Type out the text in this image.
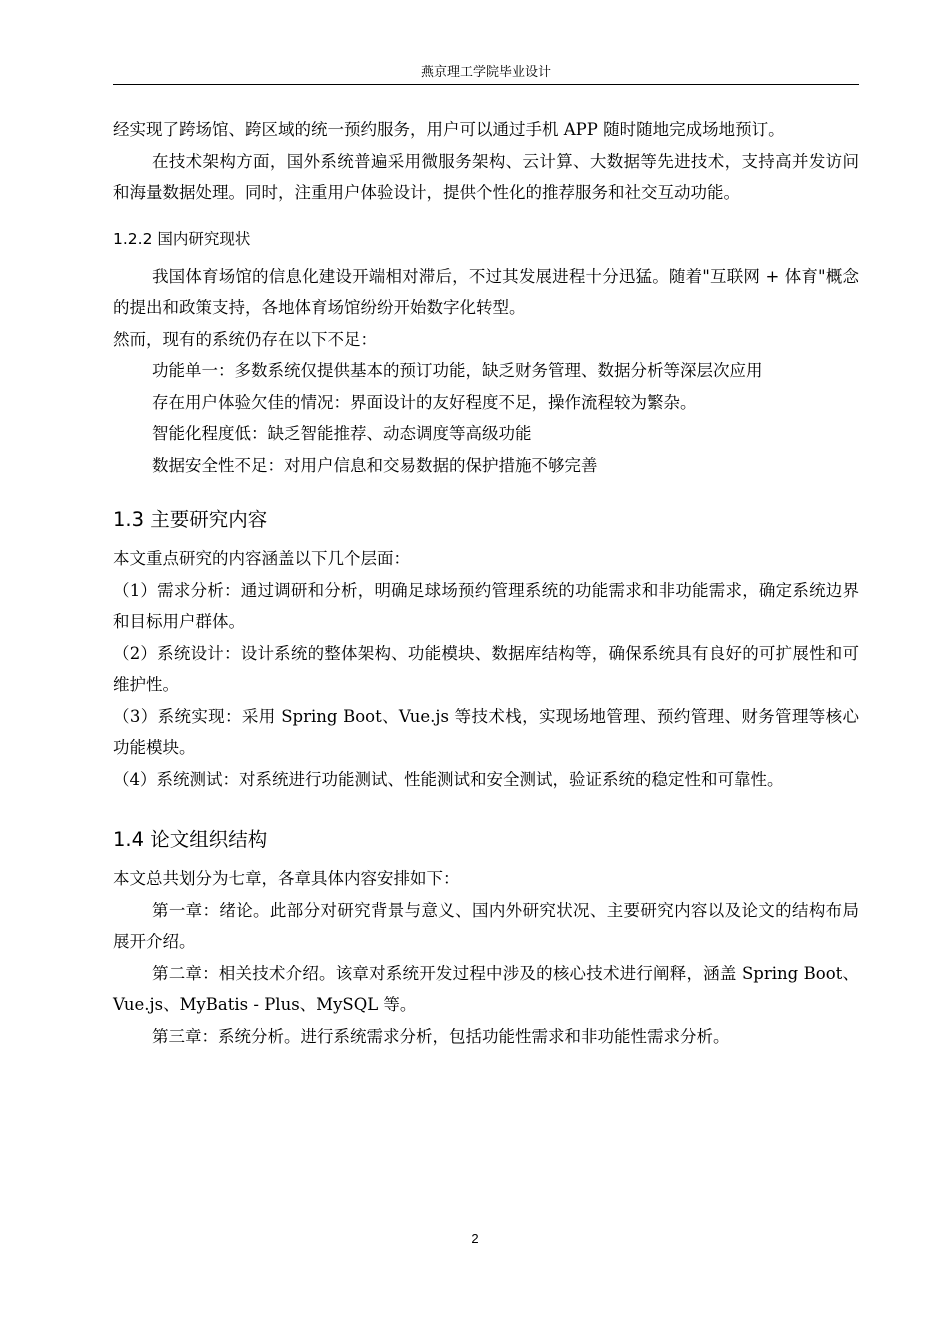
燕京理工学院毕业设计

经实现了跨场馆、跨区域的统一预约服务，用户可以通过手机 APP 随时随地完成场地预订。

在技术架构方面，国外系统普遍采用微服务架构、云计算、大数据等先进技术，支持高并发访问和海量数据处理。同时，注重用户体验设计，提供个性化的推荐服务和社交互动功能。

1.2.2 国内研究现状

我国体育场馆的信息化建设开端相对滞后，不过其发展进程十分迅猛。随着"互联网 + 体育"概念的提出和政策支持，各地体育场馆纷纷开始数字化转型。

然而，现有的系统仍存在以下不足：

功能单一：多数系统仅提供基本的预订功能，缺乏财务管理、数据分析等深层次应用

存在用户体验欠佳的情况：界面设计的友好程度不足，操作流程较为繁杂。

智能化程度低：缺乏智能推荐、动态调度等高级功能

数据安全性不足：对用户信息和交易数据的保护措施不够完善

1.3 主要研究内容

本文重点研究的内容涵盖以下几个层面：

（1）需求分析：通过调研和分析，明确足球场预约管理系统的功能需求和非功能需求，确定系统边界和目标用户群体。

（2）系统设计：设计系统的整体架构、功能模块、数据库结构等，确保系统具有良好的可扩展性和可维护性。

（3）系统实现：采用 Spring Boot、Vue.js 等技术栈，实现场地管理、预约管理、财务管理等核心功能模块。

（4）系统测试：对系统进行功能测试、性能测试和安全测试，验证系统的稳定性和可靠性。

1.4 论文组织结构

本文总共划分为七章，各章具体内容安排如下：

第一章：绪论。此部分对研究背景与意义、国内外研究状况、主要研究内容以及论文的结构布局展开介绍。

第二章：相关技术介绍。该章对系统开发过程中涉及的核心技术进行阐释，涵盖 Spring Boot、Vue.js、MyBatis - Plus、MySQL 等。

第三章：系统分析。进行系统需求分析，包括功能性需求和非功能性需求分析。

2
